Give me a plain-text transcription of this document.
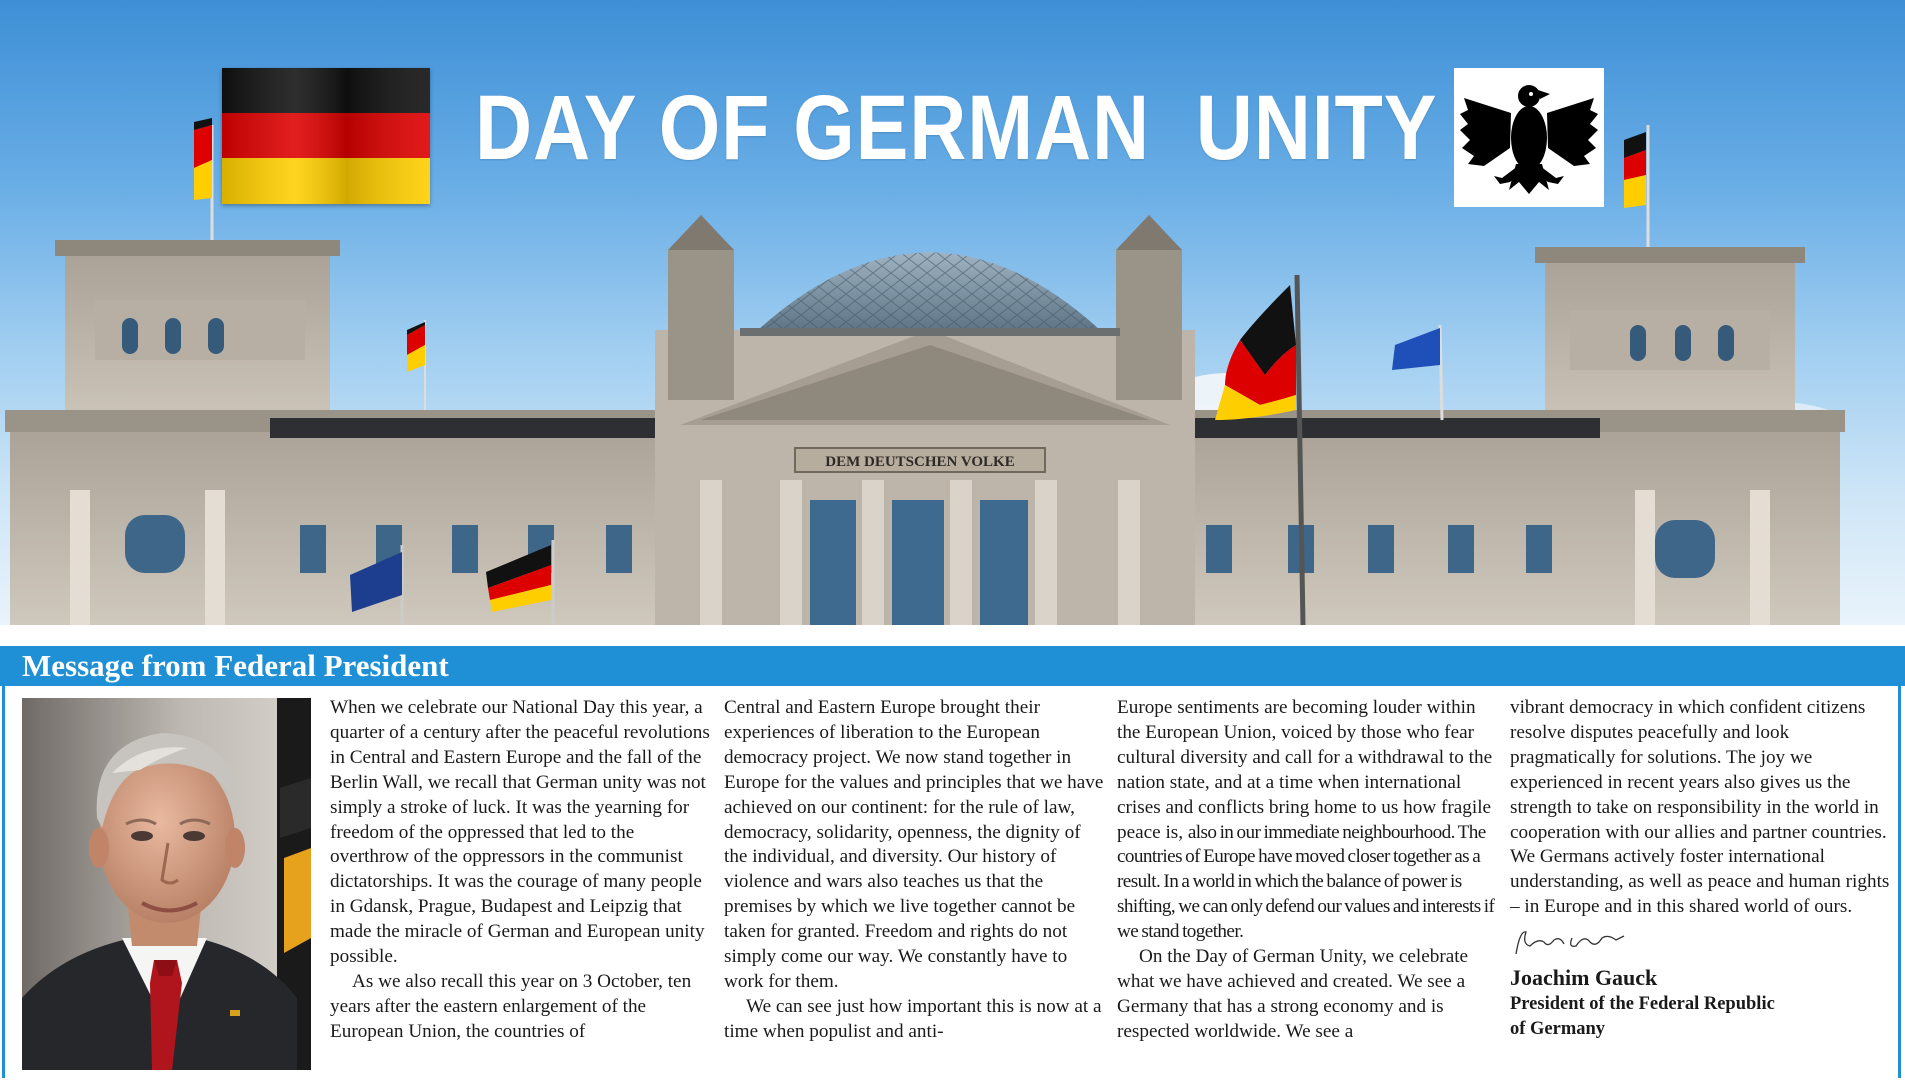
DEM DEUTSCHEN VOLKE
DAY OF GERMAN  UNITY
Message from Federal President

When we celebrate our National Day this year, a quarter of a century after the peaceful revolutions in Central and Eastern Europe and the fall of the Berlin Wall, we recall that German unity was not simply a stroke of luck. It was the yearning for freedom of the oppressed that led to the overthrow of the oppressors in the communist dictatorships. It was the courage of many people in Gdansk, Prague, Budapest and Leipzig that made the miracle of German and European unity possible.

As we also recall this year on 3 October, ten years after the eastern enlargement of the European Union, the countries of

Central and Eastern Europe brought their experiences of liberation to the European democracy project. We now stand together in Europe for the values and principles that we have achieved on our continent: for the rule of law, democracy, solidarity, openness, the dignity of the individual, and diversity. Our history of violence and wars also teaches us that the premises by which we live together cannot be taken for granted. Freedom and rights do not simply come our way. We constantly have to work for them.

We can see just how important this is now at a time when populist and anti-

Europe sentiments are becoming louder within the European Union, voiced by those who fear cultural diversity and call for a withdrawal to the nation state, and at a time when international crises and conflicts bring home to us how fragile peace is, also in our immediate neighbourhood. The countries of Europe have moved closer together as a result. In a world in which the balance of power is shifting, we can only defend our values and interests if we stand together.

On the Day of German Unity, we celebrate what we have achieved and created. We see a Germany that has a strong economy and is respected worldwide. We see a

vibrant democracy in which confident citizens resolve disputes peacefully and look pragmatically for solutions. The joy we experienced in recent years also gives us the strength to take on responsibility in the world in cooperation with our allies and partner countries. We Germans actively foster international understanding, as well as peace and human rights – in Europe and in this shared world of ours.

Joachim Gauck
President of the Federal Republic
of Germany
